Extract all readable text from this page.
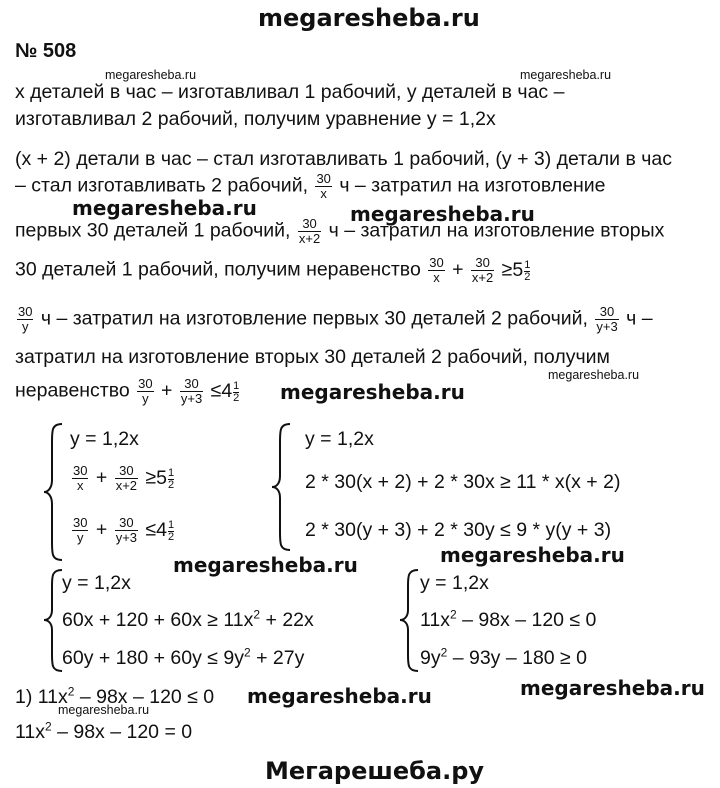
megaresheba.ru
№ 508
x деталей в час – изготавливал 1 рабочий, y деталей в час –
megaresheba.ru	megaresheba.ru
изготавливал 2 рабочий, получим уравнение y = 1,2x
(x + 2) детали в час – стал изготавливать 1 рабочий, (y + 3) детали в час
– стал изготавливать 2 рабочий, $\frac{30}{x}$ ч – затратил на изготовление
megaresheba.ru	megaresheba.ru
первых 30 деталей 1 рабочий, $\frac{30}{x+2}$ ч – затратил на изготовление вторых
30 деталей 1 рабочий, получим неравенство $\frac{30}{x} + \frac{30}{x+2} \ge 5 \frac{1}{2}$
$\frac{30}{y}$ ч – затратил на изготовление первых 30 деталей 2 рабочий, $\frac{30}{y+3}$ ч –
затратил на изготовление вторых 30 деталей 2 рабочий, получим
megaresheba.ru
неравенство $\frac{30}{y} + \frac{30}{y+3} \le 4 \frac{1}{2}$ megaresheba.ru
y = 1,2x
$\frac{30}{x} + \frac{30}{x+2} \ge 5 \frac{1}{2}$
$\frac{30}{y} + \frac{30}{y+3} \le 4 \frac{1}{2}$
y = 1,2x
2 * 30(x + 2) + 2 * 30x ≥ 11 * x(x + 2)
2 * 30(y + 3) + 2 * 30y ≤ 9 * y(y + 3)
megaresheba.ru	megaresheba.ru
y = 1,2x
$60x + 120 + 60x \ge 11x^2 + 22x$
$60y + 180 + 60y \le 9y^2 + 27y$
y = 1,2x
$11x^2 - 98x - 120 \le 0$
$9y^2 - 93y - 180 \ge 0$
megaresheba.ru
1) $11x^2 - 98x - 120 \le 0$ megaresheba.ru
megaresheba.ru
$11x^2 - 98x - 120 = 0$
Мегарешеба.ру
